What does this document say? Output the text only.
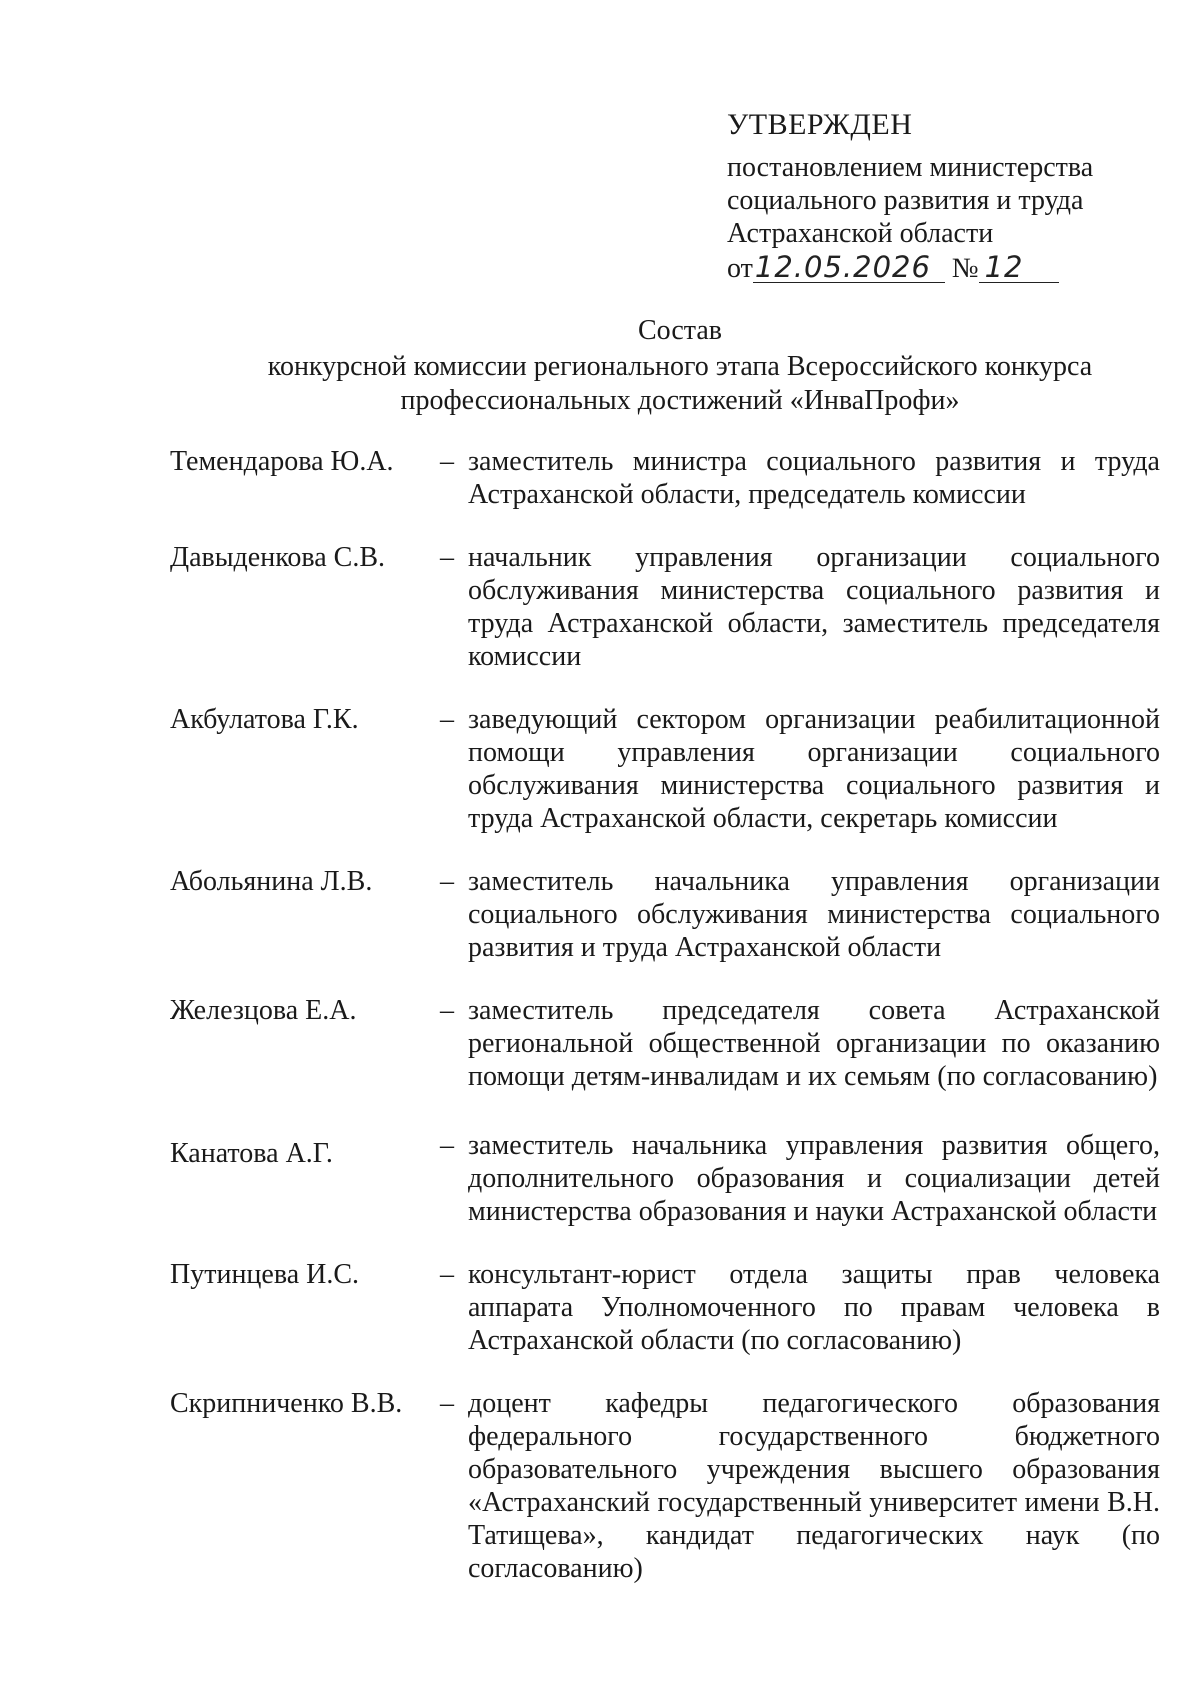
УТВЕРЖДЕН
постановлением министерства
социального развития и труда
Астраханской области
от12.05.2026 № 12
Состав
конкурсной комиссии регионального этапа Всероссийского конкурса профессиональных достижений «ИнваПрофи»
Темендарова Ю.А. – заместитель министра социального развития и труда Астраханской области, председатель комиссии
Давыденкова С.В. – начальник управления организации социального обслуживания министерства социального развития и труда Астраханской области, заместитель председателя комиссии
Акбулатова Г.К.	– заведующий сектором организации реабилитационной помощи управления организации социального обслуживания министерства социального развития и труда Астраханской области, секретарь комиссии
Абольянина Л.В. – заместитель начальника управления организации социального обслуживания министерства социального развития и труда Астраханской области
Железцова Е.А.	– заместитель председателя совета Астраханской региональной общественной организации по оказанию помощи детям-инвалидам и их семьям (по согласованию)
Канатова А.Г.	– заместитель начальника управления развития общего, дополнительного образования и социализации детей министерства образования и науки Астраханской области
Путинцева И.С.	– консультант-юрист отдела защиты прав человека аппарата Уполномоченного по правам человека в Астраханской области (по согласованию)
Скрипниченко В.В. – доцент кафедры педагогического образования федерального государственного бюджетного образовательного учреждения высшего образования «Астраханский государственный университет имени В.Н. Татищева», кандидат педагогических наук (по согласованию)
